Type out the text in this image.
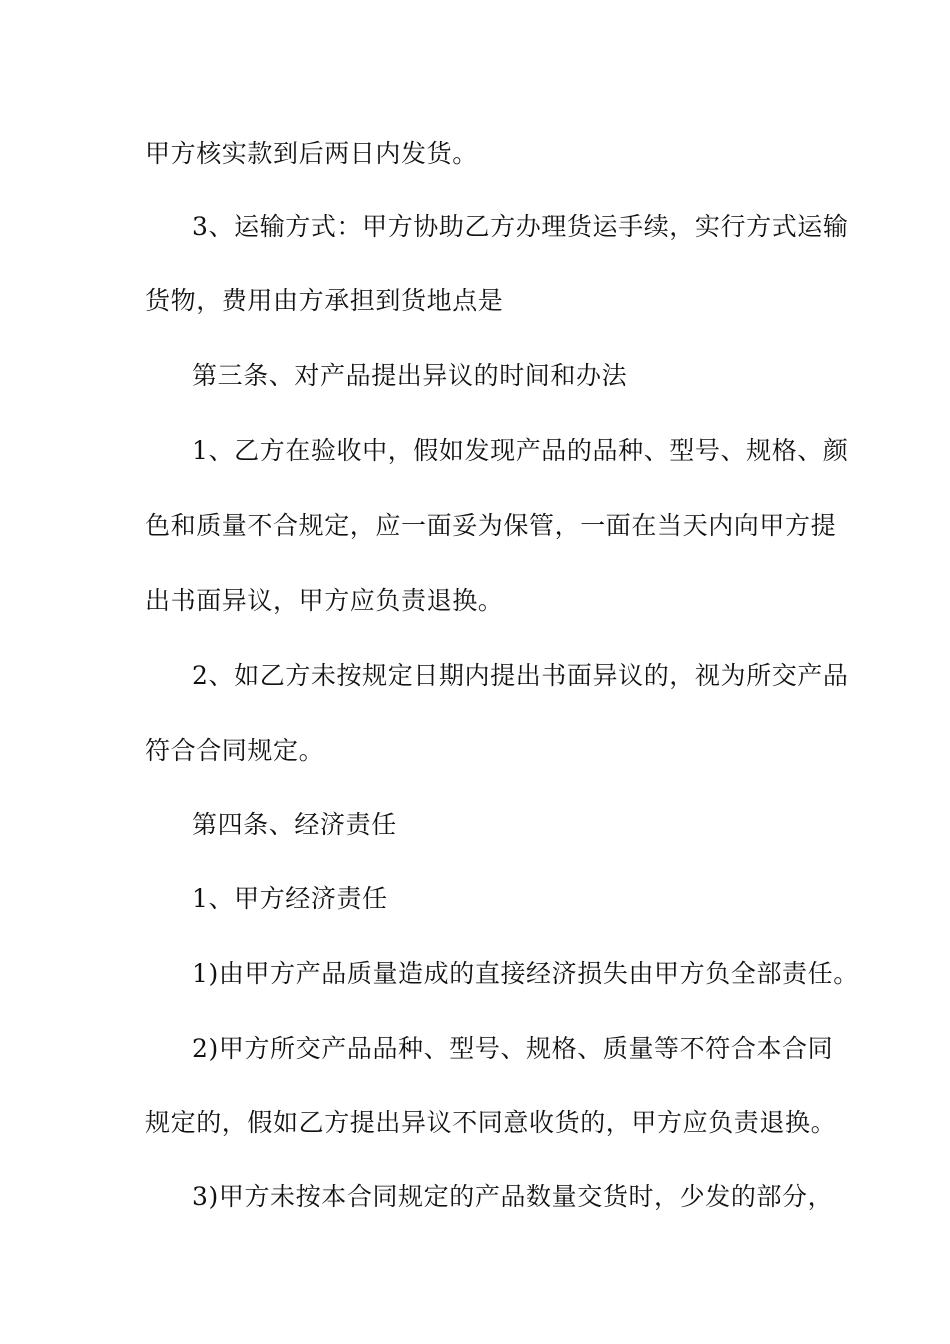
甲方核实款到后两日内发货。
3、运输方式：甲方协助乙方办理货运手续，实行方式运输
货物，费用由方承担到货地点是
第三条、对产品提出异议的时间和办法
1、乙方在验收中，假如发现产品的品种、型号、规格、颜
色和质量不合规定，应一面妥为保管，一面在当天内向甲方提
出书面异议，甲方应负责退换。
2、如乙方未按规定日期内提出书面异议的，视为所交产品
符合合同规定。
第四条、经济责任
1、甲方经济责任
1)由甲方产品质量造成的直接经济损失由甲方负全部责任。
2)甲方所交产品品种、型号、规格、质量等不符合本合同
规定的，假如乙方提出异议不同意收货的，甲方应负责退换。
3)甲方未按本合同规定的产品数量交货时，少发的部分，
